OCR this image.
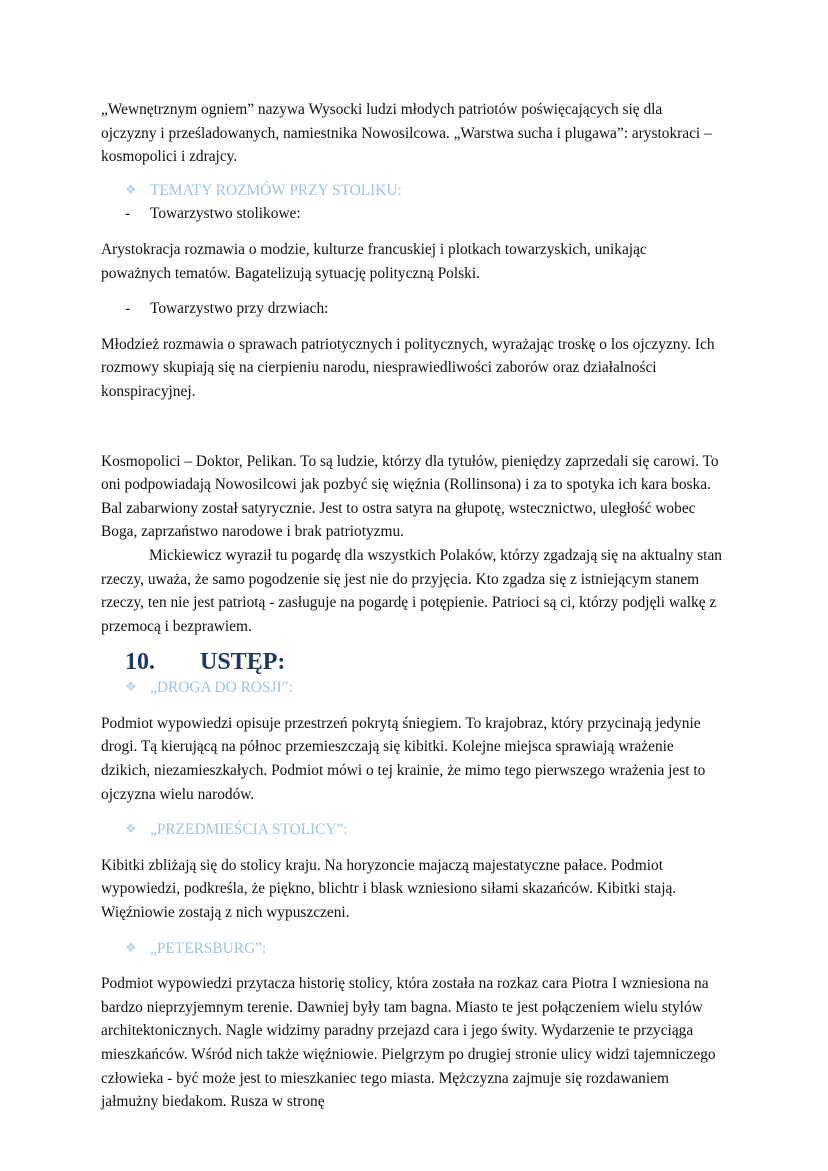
„Wewnętrznym ogniem” nazywa Wysocki ludzi młodych patriotów poświęcających się dla ojczyzny i prześladowanych, namiestnika Nowosilcowa. „Warstwa sucha i plugawa”: arystokraci – kosmopolici i zdrajcy.

❖ TEMATY ROZMÓW PRZY STOLIKU:
-	Towarzystwo stolikowe:

Arystokracja rozmawia o modzie, kulturze francuskiej i plotkach towarzyskich, unikając poważnych tematów. Bagatelizują sytuację polityczną Polski.

-	Towarzystwo przy drzwiach:

Młodzież rozmawia o sprawach patriotycznych i politycznych, wyrażając troskę o los ojczyzny. Ich rozmowy skupiają się na cierpieniu narodu, niesprawiedliwości zaborów oraz działalności konspiracyjnej.

Kosmopolici – Doktor, Pelikan. To są ludzie, którzy dla tytułów, pieniędzy zaprzedali się carowi. To oni podpowiadają Nowosilcowi jak pozbyć się więźnia (Rollinsona) i za to spotyka ich kara boska. Bal zabarwiony został satyrycznie. Jest to ostra satyra na głupotę, wstecznictwo, uległość wobec Boga, zaprzaństwo narodowe i brak patriotyzmu.

Mickiewicz wyraził tu pogardę dla wszystkich Polaków, którzy zgadzają się na aktualny stan rzeczy, uważa, że samo pogodzenie się jest nie do przyjęcia. Kto zgadza się z istniejącym stanem rzeczy, ten nie jest patriotą - zasługuje na pogardę i potępienie. Patrioci są ci, którzy podjęli walkę z przemocą i bezprawiem.

10.	USTĘP:
❖ „DROGA DO ROSJI”:

Podmiot wypowiedzi opisuje przestrzeń pokrytą śniegiem. To krajobraz, który przycinają jedynie drogi. Tą kierującą na północ przemieszczają się kibitki. Kolejne miejsca sprawiają wrażenie dzikich, niezamieszkałych. Podmiot mówi o tej krainie, że mimo tego pierwszego wrażenia jest to ojczyzna wielu narodów.

❖ „PRZEDMIEŚCIA STOLICY”:

Kibitki zbliżają się do stolicy kraju. Na horyzoncie majaczą majestatyczne pałace. Podmiot wypowiedzi, podkreśla, że piękno, blichtr i blask wzniesiono siłami skazańców. Kibitki stają. Więźniowie zostają z nich wypuszczeni.

❖ „PETERSBURG”:

Podmiot wypowiedzi przytacza historię stolicy, która została na rozkaz cara Piotra I wzniesiona na bardzo nieprzyjemnym terenie. Dawniej były tam bagna. Miasto te jest połączeniem wielu stylów architektonicznych. Nagle widzimy paradny przejazd cara i jego świty. Wydarzenie te przyciąga mieszkańców. Wśród nich także więźniowie. Pielgrzym po drugiej stronie ulicy widzi tajemniczego człowieka - być może jest to mieszkaniec tego miasta. Mężczyzna zajmuje się rozdawaniem jałmużny biedakom. Rusza w stronę
